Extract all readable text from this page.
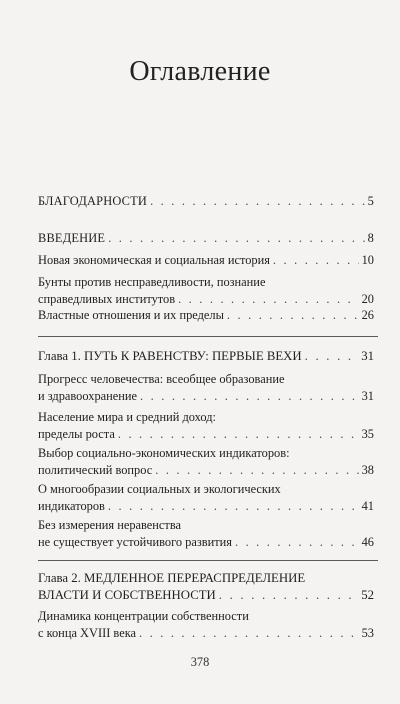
Оглавление
БЛАГОДАРНОСТИ . . .	5
ВВЕДЕНИЕ . . .	8
Новая экономическая и социальная история . . .	10
Бунты против несправедливости, познание
справедливых институтов . . .	20
Властные отношения и их пределы . . .	26
Глава 1. ПУТЬ К РАВЕНСТВУ: ПЕРВЫЕ ВЕХИ . . .	31
Прогресс человечества: всеобщее образование
и здравоохранение . . .	31
Население мира и средний доход:
пределы роста . . .	35
Выбор социально-экономических индикаторов:
политический вопрос . . .	38
О многообразии социальных и экологических
индикаторов . . .	41
Без измерения неравенства
не существует устойчивого развития . . .	46
Глава 2. МЕДЛЕННОЕ ПЕРЕРАСПРЕДЕЛЕНИЕ
ВЛАСТИ И СОБСТВЕННОСТИ . . .	52
Динамика концентрации собственности
с конца XVIII века . . .	53
378
